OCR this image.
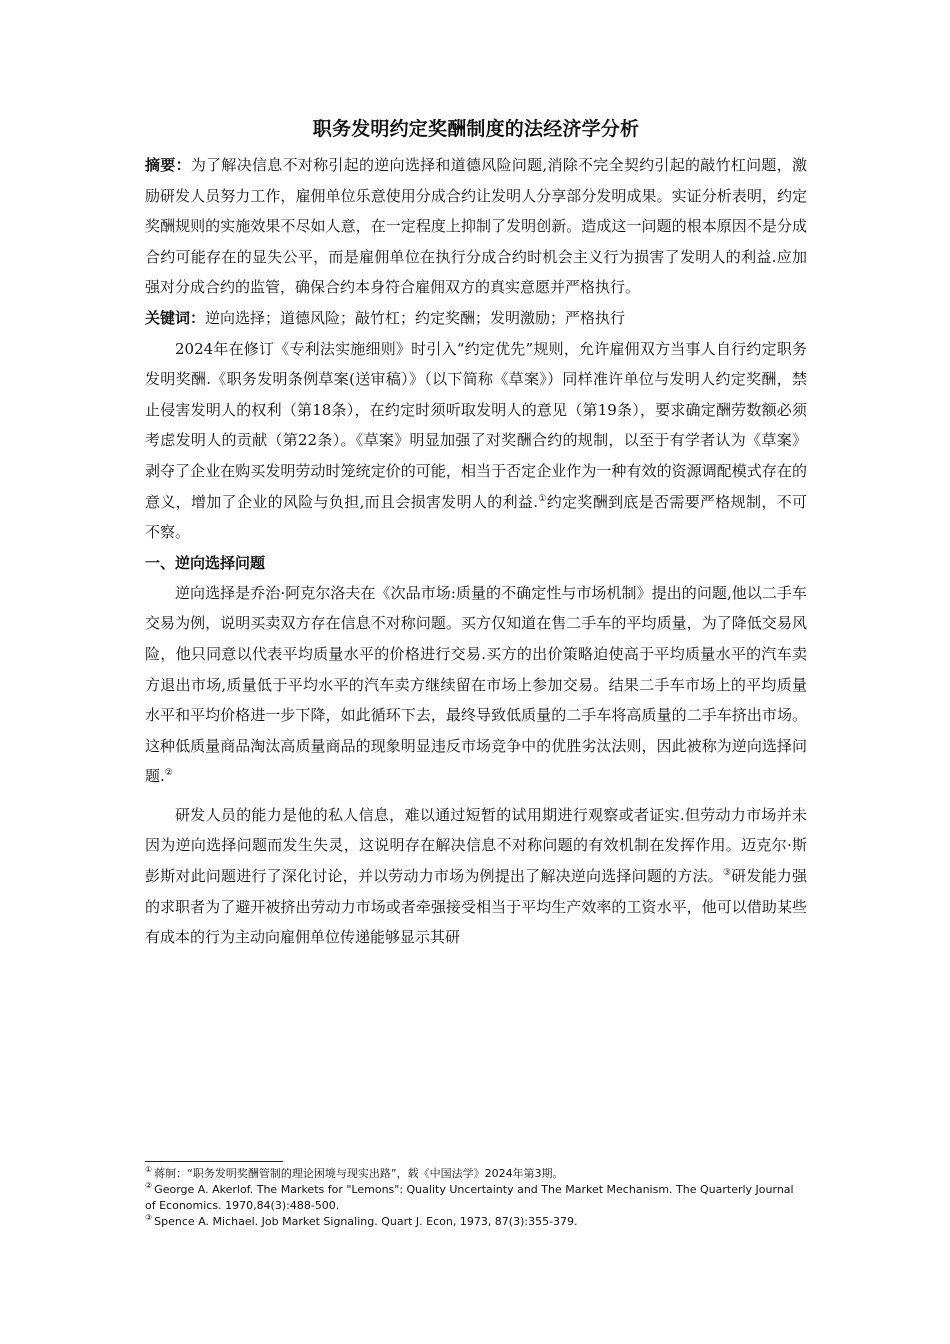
职务发明约定奖酬制度的法经济学分析

摘要：为了解决信息不对称引起的逆向选择和道德风险问题,消除不完全契约引起的敲竹杠问题，激励研发人员努力工作，雇佣单位乐意使用分成合约让发明人分享部分发明成果。实证分析表明，约定奖酬规则的实施效果不尽如人意，在一定程度上抑制了发明创新。造成这一问题的根本原因不是分成合约可能存在的显失公平，而是雇佣单位在执行分成合约时机会主义行为损害了发明人的利益.应加强对分成合约的监管，确保合约本身符合雇佣双方的真实意愿并严格执行。

关键词：逆向选择；道德风险；敲竹杠；约定奖酬；发明激励；严格执行

2024年在修订《专利法实施细则》时引入“约定优先”规则，允许雇佣双方当事人自行约定职务发明奖酬.《职务发明条例草案(送审稿）》（以下简称《草案》）同样准许单位与发明人约定奖酬，禁止侵害发明人的权利（第18条），在约定时须听取发明人的意见（第19条），要求确定酬劳数额必须考虑发明人的贡献（第22条）。《草案》明显加强了对奖酬合约的规制，以至于有学者认为《草案》剥夺了企业在购买发明劳动时笼统定价的可能，相当于否定企业作为一种有效的资源调配模式存在的意义，增加了企业的风险与负担,而且会损害发明人的利益.①约定奖酬到底是否需要严格规制，不可不察。

一、逆向选择问题

逆向选择是乔治·阿克尔洛夫在《次品市场:质量的不确定性与市场机制》提出的问题,他以二手车交易为例，说明买卖双方存在信息不对称问题。买方仅知道在售二手车的平均质量，为了降低交易风险，他只同意以代表平均质量水平的价格进行交易.买方的出价策略迫使高于平均质量水平的汽车卖方退出市场,质量低于平均水平的汽车卖方继续留在市场上参加交易。结果二手车市场上的平均质量水平和平均价格进一步下降，如此循环下去，最终导致低质量的二手车将高质量的二手车挤出市场。这种低质量商品淘汰高质量商品的现象明显违反市场竞争中的优胜劣汰法则，因此被称为逆向选择问题.②

研发人员的能力是他的私人信息，难以通过短暂的试用期进行观察或者证实.但劳动力市场并未因为逆向选择问题而发生失灵，这说明存在解决信息不对称问题的有效机制在发挥作用。迈克尔·斯彭斯对此问题进行了深化讨论，并以劳动力市场为例提出了解决逆向选择问题的方法。③研发能力强的求职者为了避开被挤出劳动力市场或者牵强接受相当于平均生产效率的工资水平，他可以借助某些有成本的行为主动向雇佣单位传递能够显示其研

① 蒋舸：“职务发明奖酬管制的理论困境与现实出路”，载《中国法学》2024年第3期。

② George A. Akerlof. The Markets for "Lemons": Quality Uncertainty and The Market Mechanism. The Quarterly Journal of Economics. 1970,84(3):488-500.

③ Spence A. Michael. Job Market Signaling. Quart J. Econ, 1973, 87(3):355-379.
